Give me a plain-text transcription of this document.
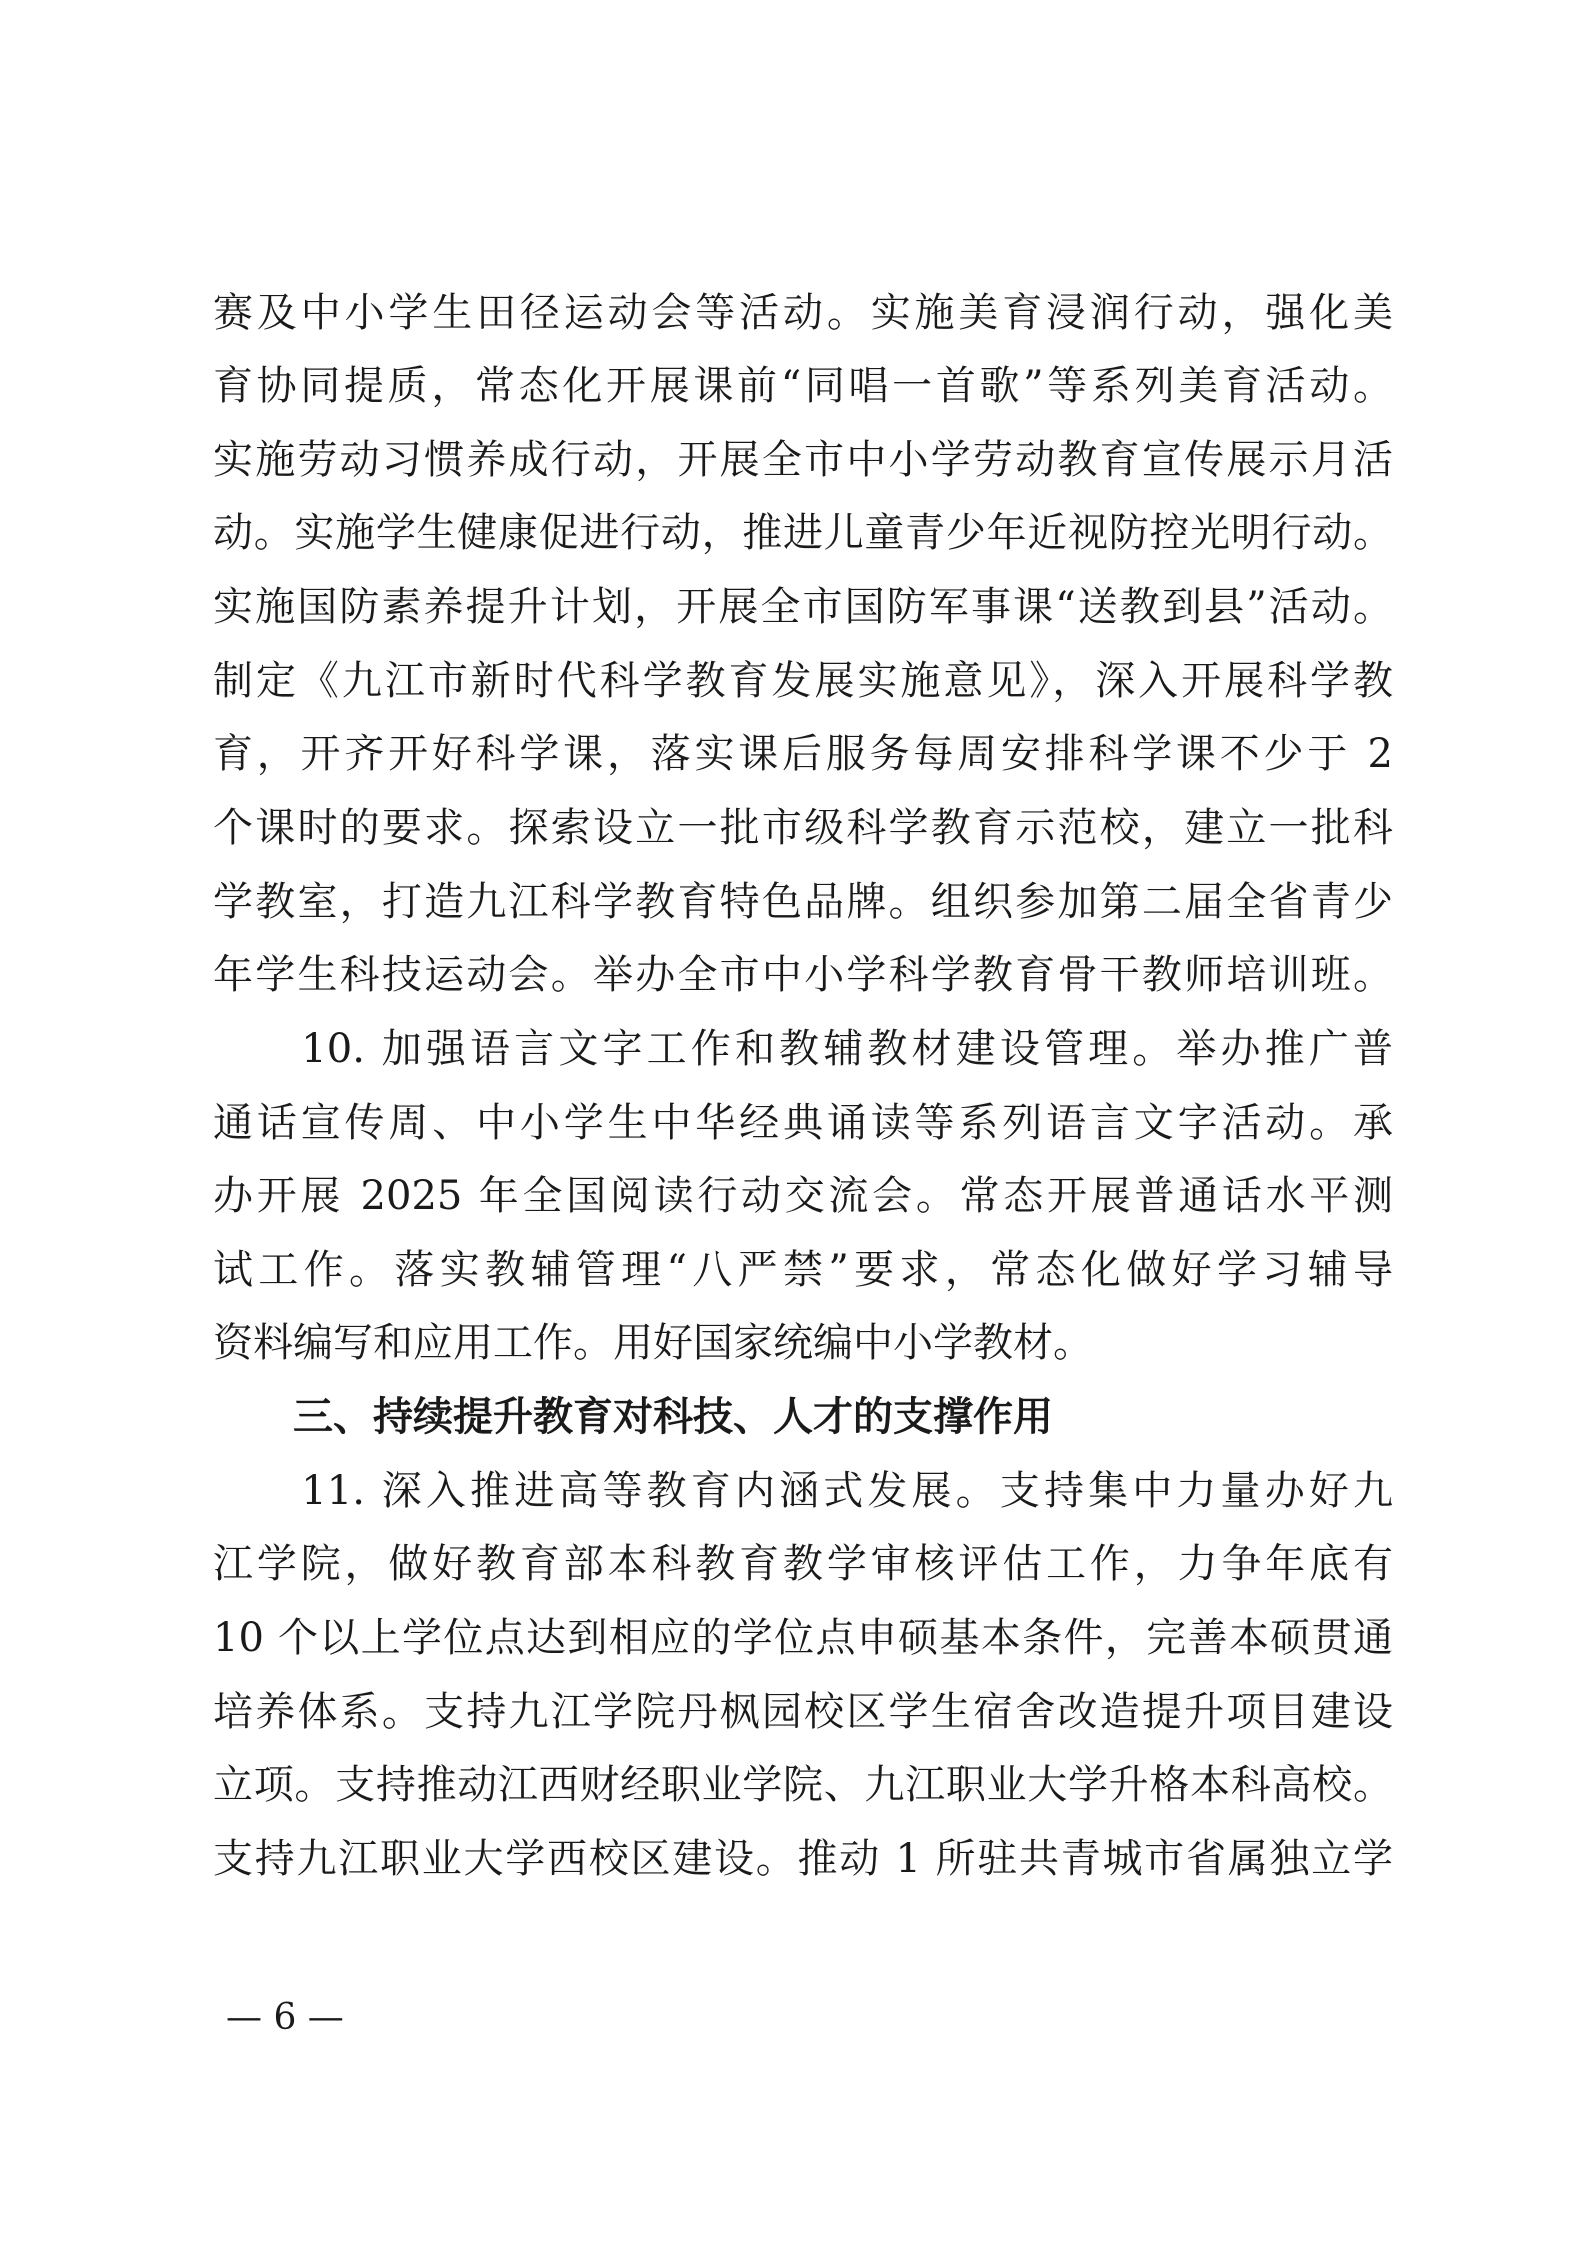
赛及中小学生田径运动会等活动。实施美育浸润行动，强化美
育协同提质，常态化开展课前“同唱一首歌”等系列美育活动。
实施劳动习惯养成行动，开展全市中小学劳动教育宣传展示月活
动。实施学生健康促进行动，推进儿童青少年近视防控光明行动。
实施国防素养提升计划，开展全市国防军事课“送教到县”活动。
制定《九江市新时代科学教育发展实施意见》，深入开展科学教
育，开齐开好科学课，落实课后服务每周安排科学课不少于 2
个课时的要求。探索设立一批市级科学教育示范校，建立一批科
学教室，打造九江科学教育特色品牌。组织参加第二届全省青少
年学生科技运动会。举办全市中小学科学教育骨干教师培训班。
　　10. 加强语言文字工作和教辅教材建设管理。举办推广普
通话宣传周、中小学生中华经典诵读等系列语言文字活动。承
办开展 2025 年全国阅读行动交流会。常态开展普通话水平测
试工作。落实教辅管理“八严禁”要求，常态化做好学习辅导
资料编写和应用工作。用好国家统编中小学教材。
　　三、持续提升教育对科技、人才的支撑作用
　　11. 深入推进高等教育内涵式发展。支持集中力量办好九
江学院，做好教育部本科教育教学审核评估工作，力争年底有
10 个以上学位点达到相应的学位点申硕基本条件，完善本硕贯通
培养体系。支持九江学院丹枫园校区学生宿舍改造提升项目建设
立项。支持推动江西财经职业学院、九江职业大学升格本科高校。
支持九江职业大学西校区建设。推动 1 所驻共青城市省属独立学
— 6 —
